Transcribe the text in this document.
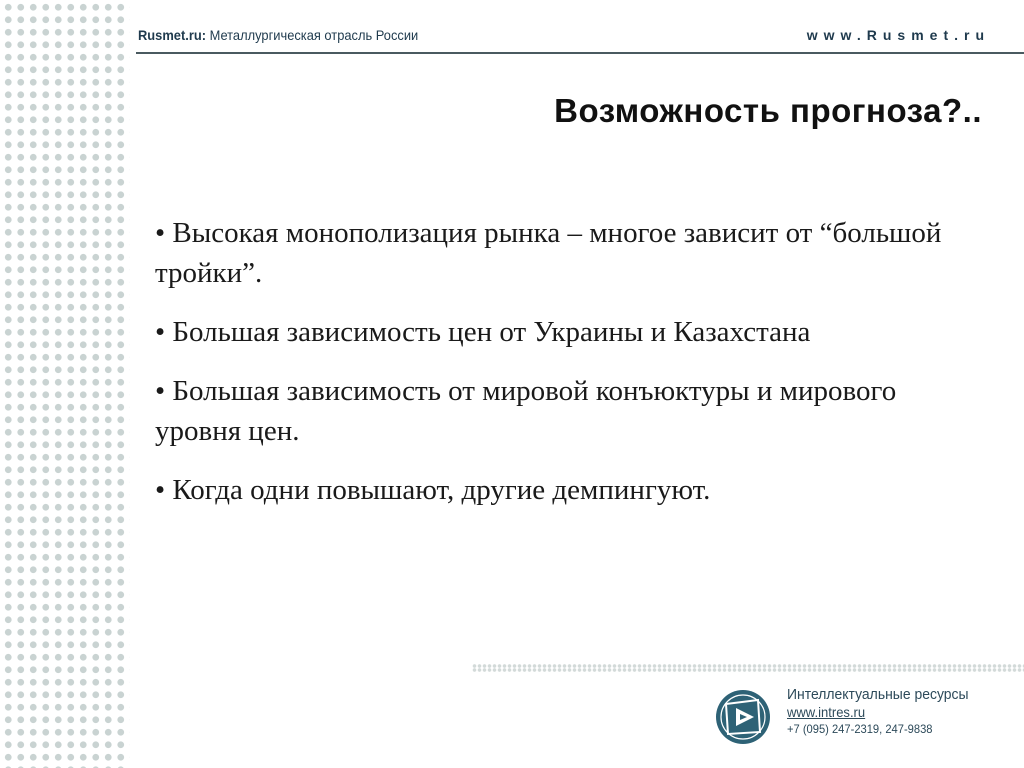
Rusmet.ru: Металлургическая отрасль России	www.Rusmet.ru
Возможность прогноза?..
• Высокая монополизация рынка – многое зависит от “большой тройки”.
• Большая зависимость цен от Украины и Казахстана
• Большая зависимость от мировой конъюктуры и мирового уровня цен.
• Когда одни повышают, другие демпингуют.
Интеллектуальные ресурсы
www.intres.ru
+7 (095) 247-2319, 247-9838
